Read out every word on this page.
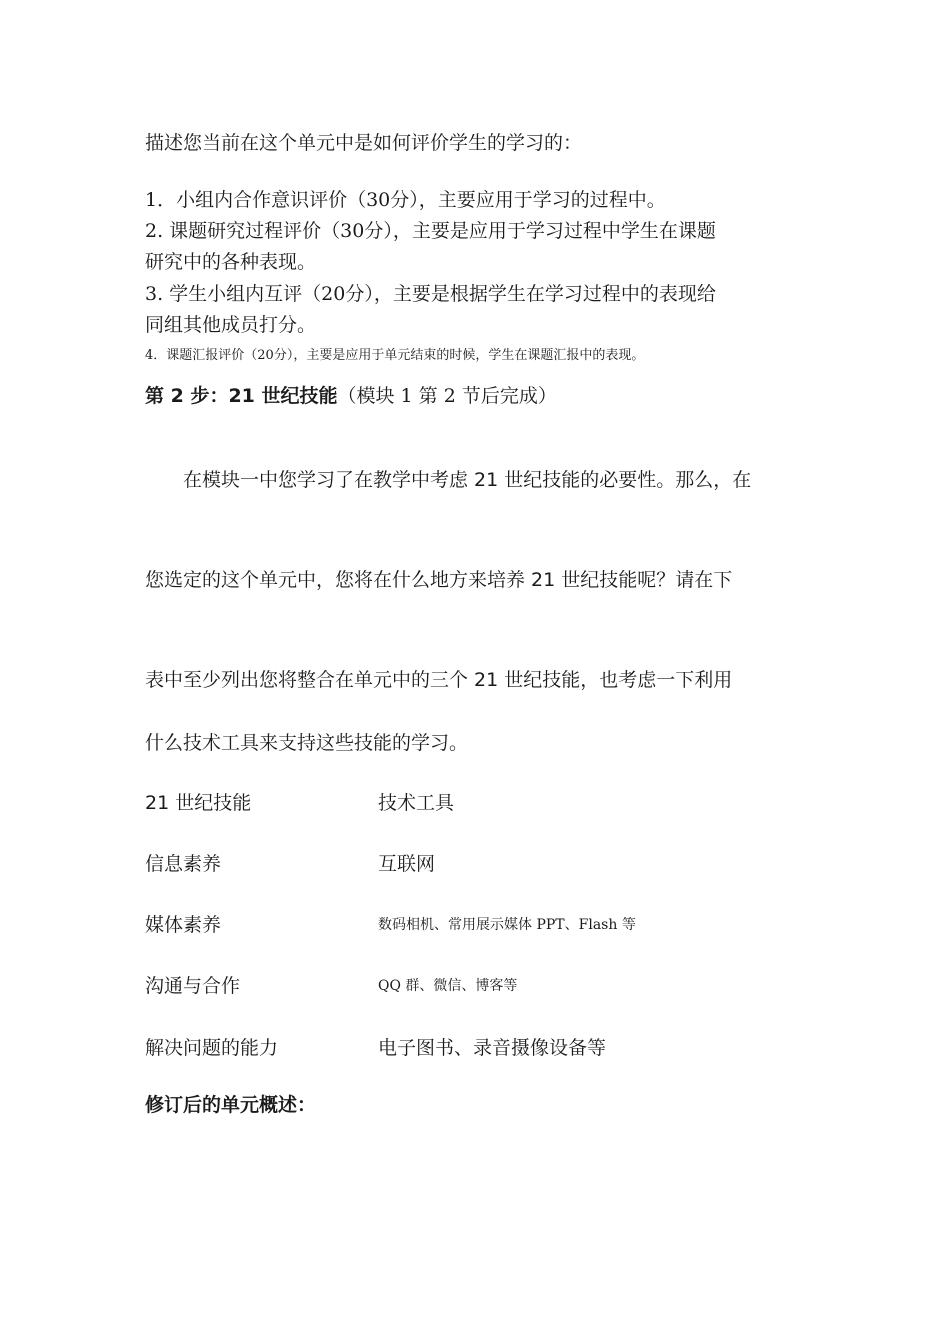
描述您当前在这个单元中是如何评价学生的学习的：
1．小组内合作意识评价（30分），主要应用于学习的过程中。
2. 课题研究过程评价（30分），主要是应用于学习过程中学生在课题
研究中的各种表现。
3. 学生小组内互评（20分），主要是根据学生在学习过程中的表现给
同组其他成员打分。
4．课题汇报评价（20分），主要是应用于单元结束的时候，学生在课题汇报中的表现。
第 2 步：21 世纪技能（模块 1 第 2 节后完成）
在模块一中您学习了在教学中考虑 21 世纪技能的必要性。那么，在
您选定的这个单元中，您将在什么地方来培养 21 世纪技能呢？请在下
表中至少列出您将整合在单元中的三个 21 世纪技能，也考虑一下利用
什么技术工具来支持这些技能的学习。
21 世纪技能	技术工具
信息素养	互联网
媒体素养	数码相机、常用展示媒体 PPT、Flash 等
沟通与合作	QQ 群、微信、博客等
解决问题的能力	电子图书、录音摄像设备等
修订后的单元概述：
